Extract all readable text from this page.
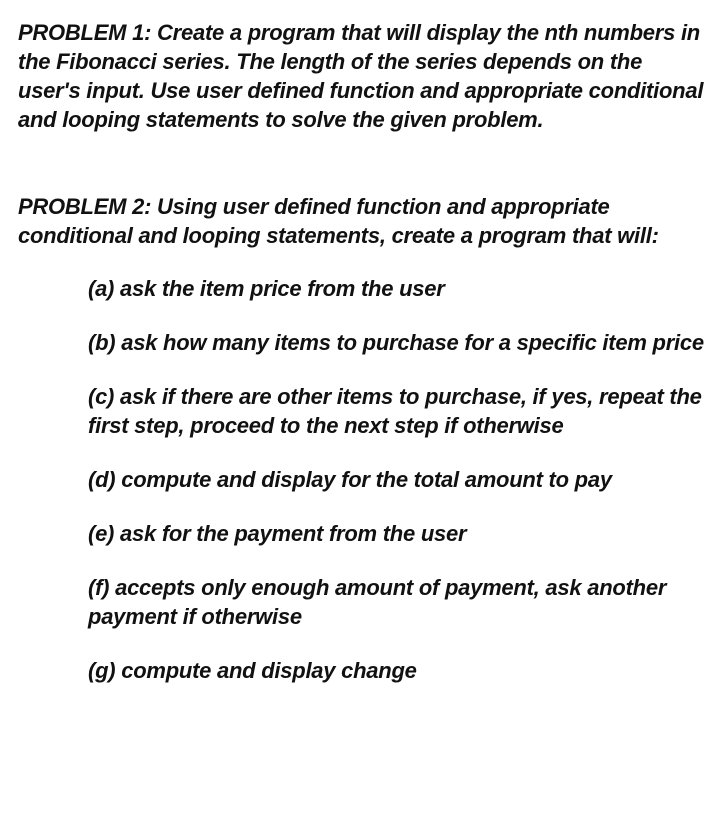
PROBLEM 1: Create a program that will display the nth numbers in the Fibonacci series. The length of the series depends on the user's input. Use user defined function and appropriate conditional and looping statements to solve the given problem.

PROBLEM 2: Using user defined function and appropriate conditional and looping statements, create a program that will:

(a) ask the item price from the user
(b) ask how many items to purchase for a specific item price
(c) ask if there are other items to purchase, if yes, repeat the first step, proceed to the next step if otherwise
(d) compute and display for the total amount to pay
(e) ask for the payment from the user
(f) accepts only enough amount of payment, ask another payment if otherwise
(g) compute and display change
